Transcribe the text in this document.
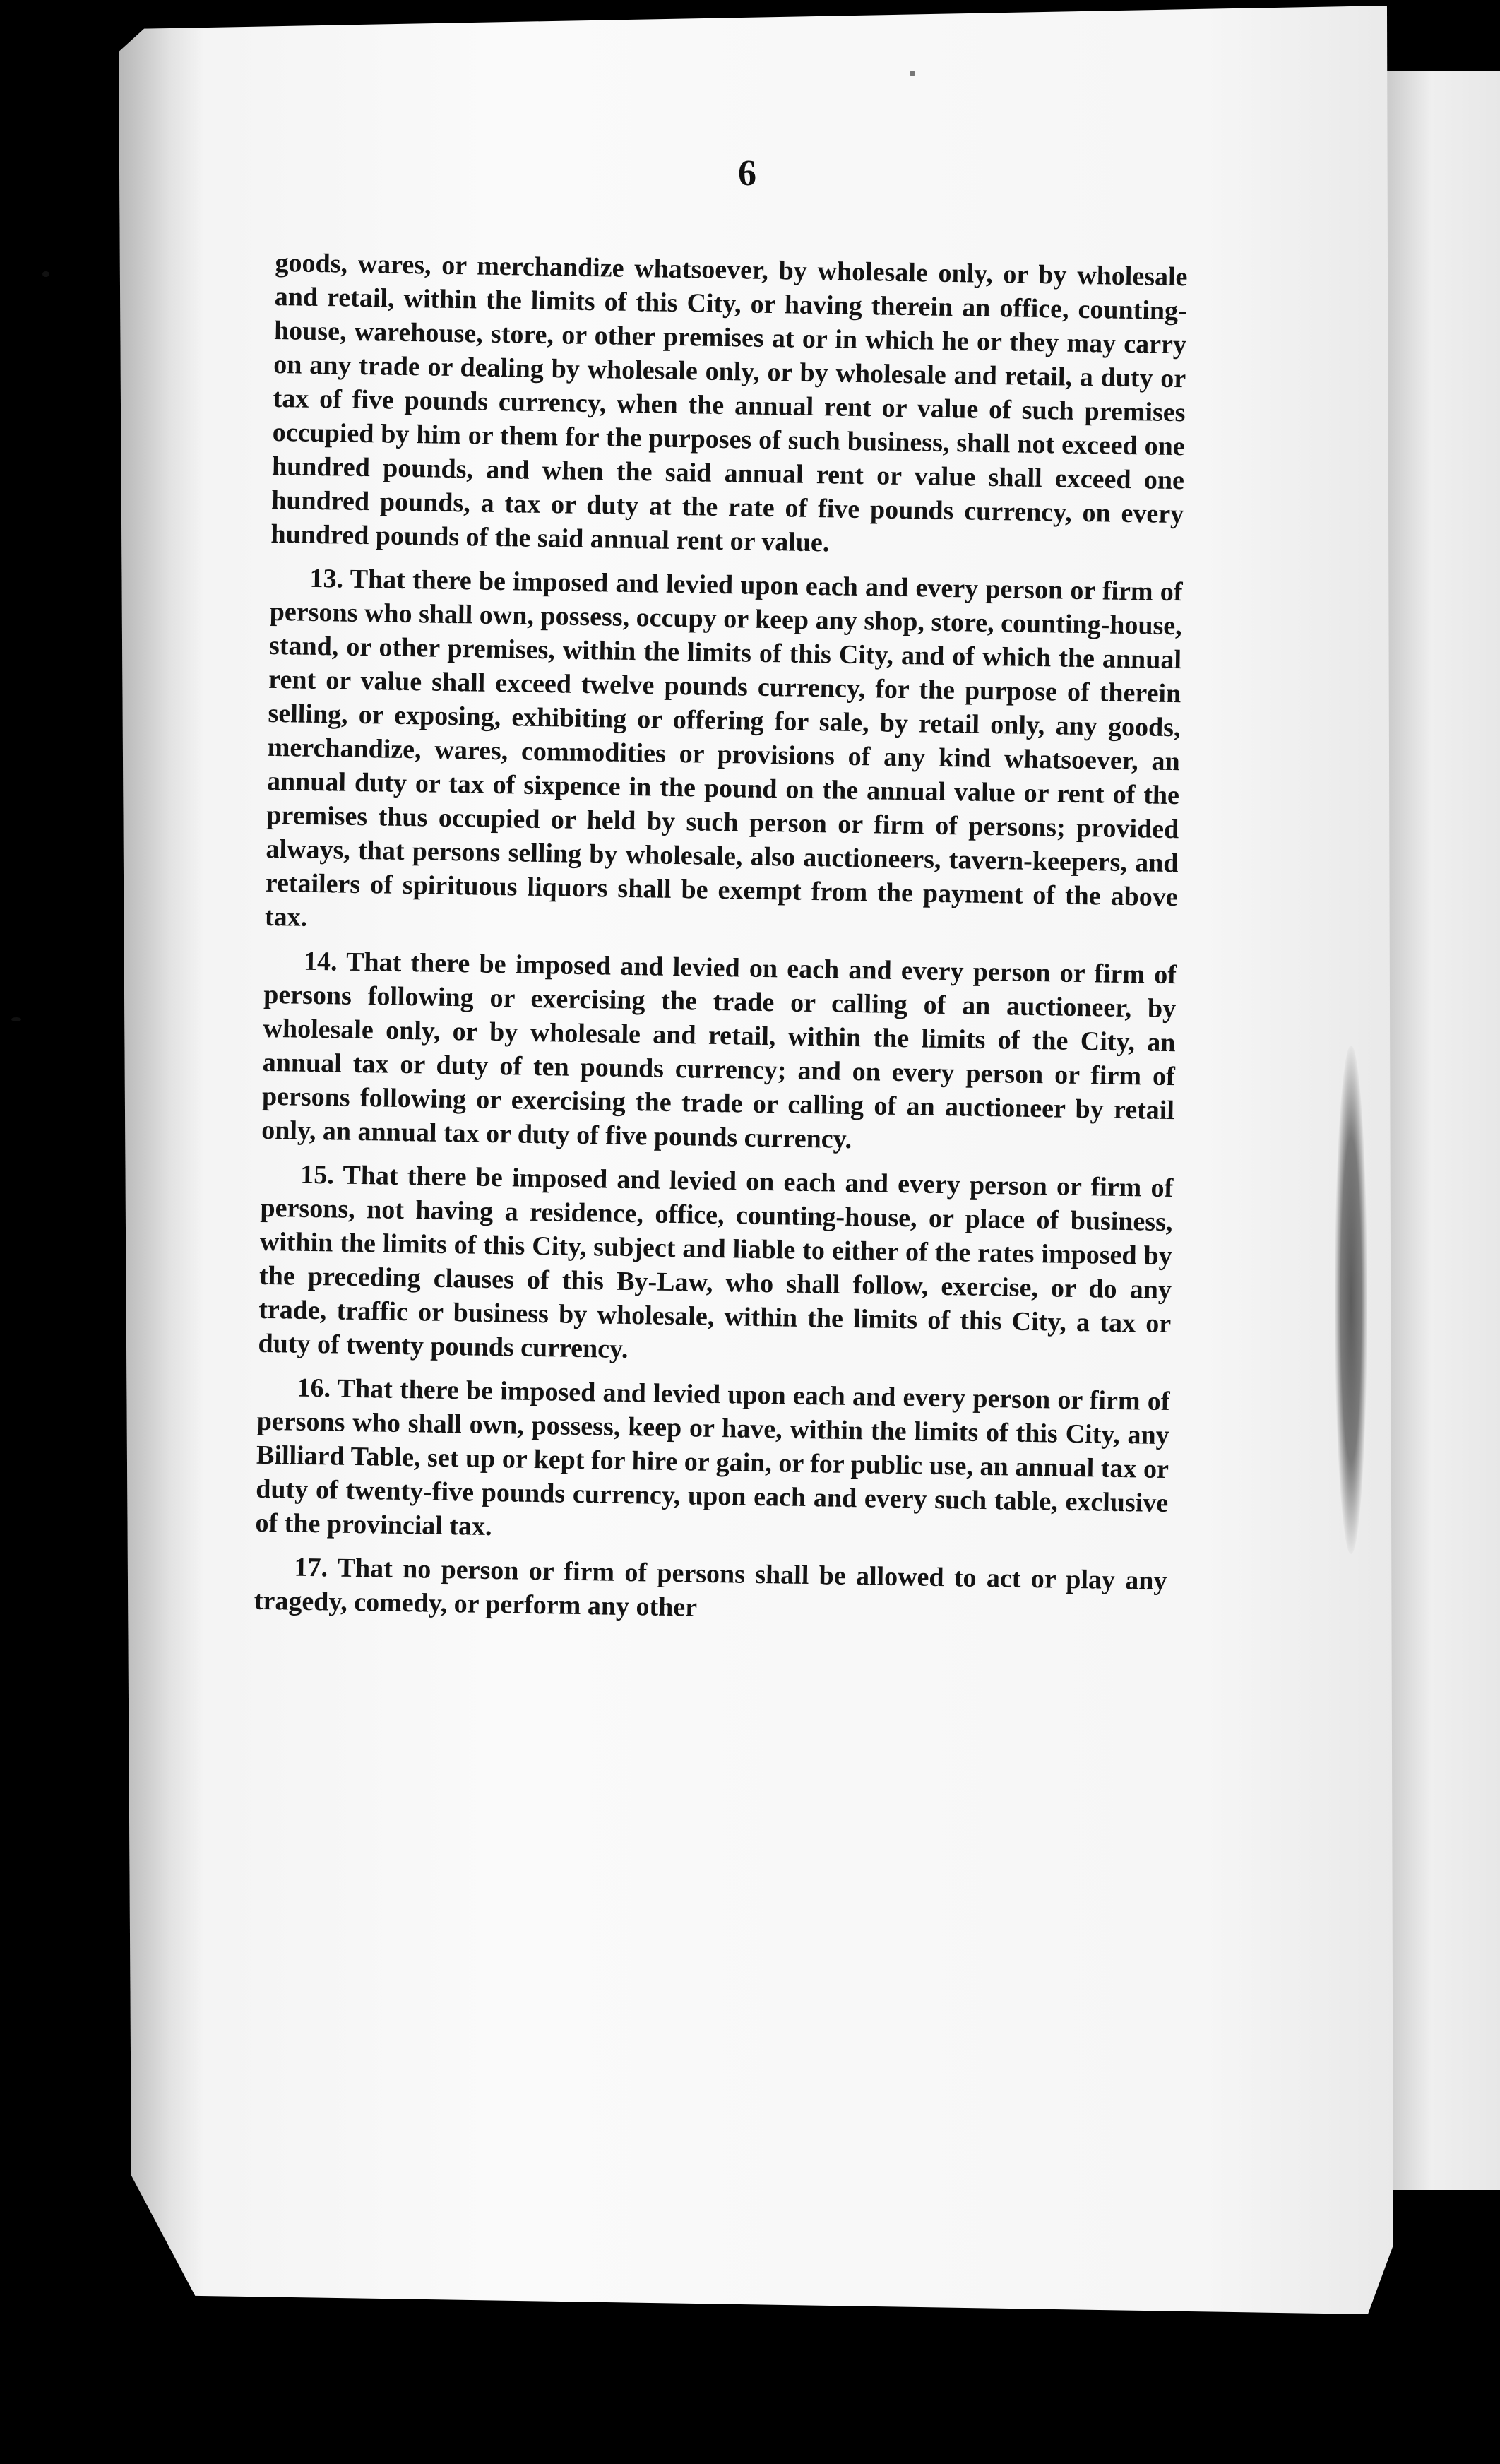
6

goods, wares, or merchandize whatsoever, by wholesale only, or by wholesale and retail, within the limits of this City, or having therein an office, counting-house, warehouse, store, or other premises at or in which he or they may carry on any trade or dealing by wholesale only, or by wholesale and retail, a duty or tax of five pounds currency, when the annual rent or value of such premises occupied by him or them for the purposes of such business, shall not exceed one hundred pounds, and when the said annual rent or value shall exceed one hundred pounds, a tax or duty at the rate of five pounds currency, on every hundred pounds of the said annual rent or value.

13. That there be imposed and levied upon each and every person or firm of persons who shall own, possess, occupy or keep any shop, store, counting-house, stand, or other premises, within the limits of this City, and of which the annual rent or value shall exceed twelve pounds currency, for the purpose of therein selling, or exposing, exhibiting or offering for sale, by retail only, any goods, merchandize, wares, commodities or provisions of any kind whatsoever, an annual duty or tax of sixpence in the pound on the annual value or rent of the premises thus occupied or held by such person or firm of persons; provided always, that persons selling by wholesale, also auctioneers, tavern-keepers, and retailers of spirituous liquors shall be exempt from the payment of the above tax.

14. That there be imposed and levied on each and every person or firm of persons following or exercising the trade or calling of an auctioneer, by wholesale only, or by wholesale and retail, within the limits of the City, an annual tax or duty of ten pounds currency; and on every person or firm of persons following or exercising the trade or calling of an auctioneer by retail only, an annual tax or duty of five pounds currency.

15. That there be imposed and levied on each and every person or firm of persons, not having a residence, office, counting-house, or place of business, within the limits of this City, subject and liable to either of the rates imposed by the preceding clauses of this By-Law, who shall follow, exercise, or do any trade, traffic or business by wholesale, within the limits of this City, a tax or duty of twenty pounds currency.

16. That there be imposed and levied upon each and every person or firm of persons who shall own, possess, keep or have, within the limits of this City, any Billiard Table, set up or kept for hire or gain, or for public use, an annual tax or duty of twenty-five pounds currency, upon each and every such table, exclusive of the provincial tax.

17. That no person or firm of persons shall be allowed to act or play any tragedy, comedy, or perform any other
